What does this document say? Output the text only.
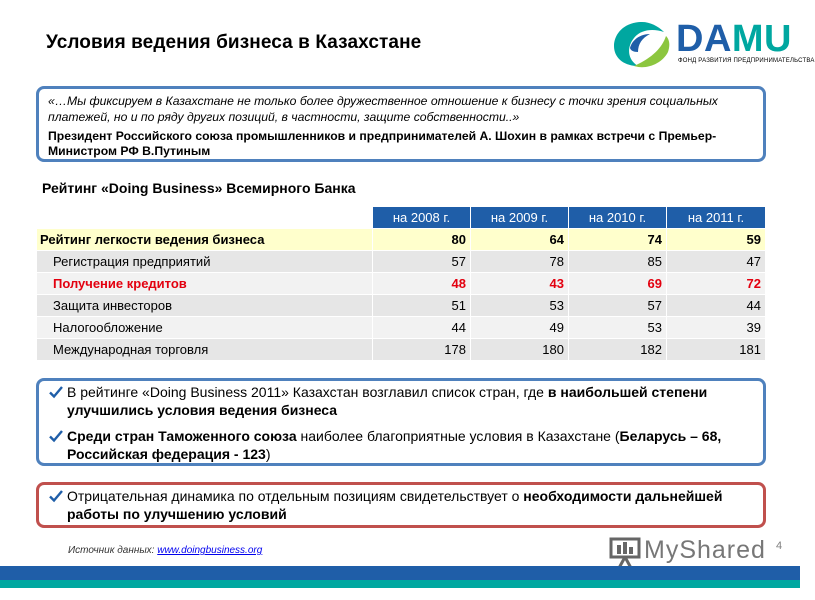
Условия ведения бизнеса в Казахстане	DAMU
ФОНД РАЗВИТИЯ ПРЕДПРИНИМАТЕЛЬСТВА
«…Мы фиксируем в Казахстане не только более дружественное отношение к бизнесу с точки зрения социальных платежей, но и по ряду других позиций, в частности, защите собственности..»
Президент Российского союза промышленников и предпринимателей А. Шохин в рамках встречи с Премьер-Министром РФ В.Путиным
Рейтинг «Doing Business» Всемирного Банка
	на 2008 г.	на 2009 г.	на 2010 г.	на 2011 г.
Рейтинг легкости ведения бизнеса	80	64	74	59
Регистрация предприятий	57	78	85	47
Получение кредитов	48	43	69	72
Защита инвесторов	51	53	57	44
Налогообложение	44	49	53	39
Международная торговля	178	180	182	181
В рейтинге «Doing Business 2011» Казахстан возглавил список стран, где в наибольшей степени улучшились условия ведения бизнеса
Среди стран Таможенного союза наиболее благоприятные условия в Казахстане (Беларусь – 68, Российская федерация - 123)
Отрицательная динамика по отдельным позициям свидетельствует о необходимости дальнейшей работы по улучшению условий
Источник данных: www.doingbusiness.org	4
MyShared
